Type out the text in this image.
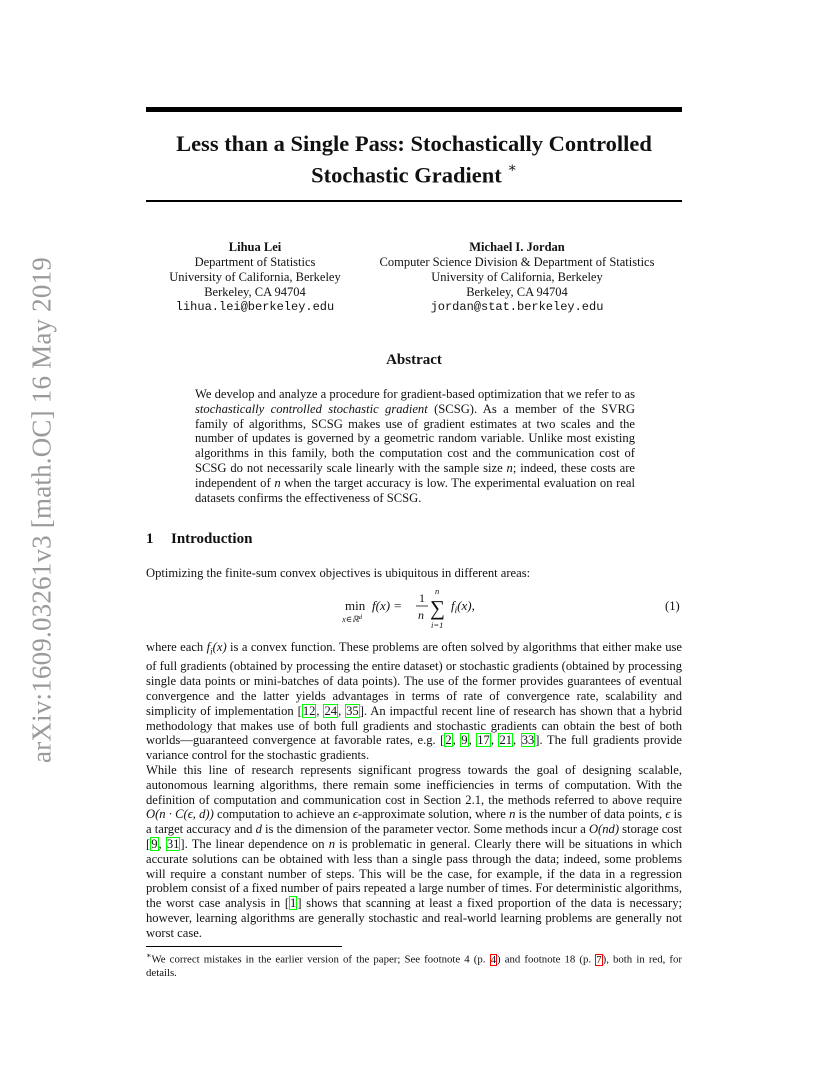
arXiv:1609.03261v3 [math.OC] 16 May 2019
Less than a Single Pass: Stochastically Controlled
Stochastic Gradient ∗
Lihua Lei
Department of Statistics
University of California, Berkeley
Berkeley, CA 94704
lihua.lei@berkeley.edu
Michael I. Jordan
Computer Science Division & Department of Statistics
University of California, Berkeley
Berkeley, CA 94704
jordan@stat.berkeley.edu
Abstract
We develop and analyze a procedure for gradient-based optimization that we refer to as stochastically controlled stochastic gradient (SCSG). As a member of the SVRG family of algorithms, SCSG makes use of gradient estimates at two scales and the number of updates is governed by a geometric random variable. Unlike most existing algorithms in this family, both the computation cost and the communication cost of SCSG do not necessarily scale linearly with the sample size n; indeed, these costs are independent of n when the target accuracy is low. The experimental evaluation on real datasets confirms the effectiveness of SCSG.
1 Introduction
Optimizing the finite-sum convex objectives is ubiquitous in different areas:
min
x∈ℝ$^d$
f(x) = 1
n
n
∑
i=1
$f_i(x)$,	(1)
where each $f_i(x)$ is a convex function. These problems are often solved by algorithms that either make use of full gradients (obtained by processing the entire dataset) or stochastic gradients (obtained by processing single data points or mini-batches of data points). The use of the former provides guarantees of eventual convergence and the latter yields advantages in terms of rate of convergence rate, scalability and simplicity of implementation [12, 24, 35]. An impactful recent line of research has shown that a hybrid methodology that makes use of both full gradients and stochastic gradients can obtain the best of both worlds—guaranteed convergence at favorable rates, e.g. [2, 9, 17, 21, 33]. The full gradients provide variance control for the stochastic gradients.
While this line of research represents significant progress towards the goal of designing scalable, autonomous learning algorithms, there remain some inefficiencies in terms of computation. With the definition of computation and communication cost in Section 2.1, the methods referred to above require O(n · C(ϵ, d)) computation to achieve an ϵ-approximate solution, where n is the number of data points, ϵ is a target accuracy and d is the dimension of the parameter vector. Some methods incur a O(nd) storage cost [9, 31]. The linear dependence on n is problematic in general. Clearly there will be situations in which accurate solutions can be obtained with less than a single pass through the data; indeed, some problems will require a constant number of steps. This will be the case, for example, if the data in a regression problem consist of a fixed number of pairs repeated a large number of times. For deterministic algorithms, the worst case analysis in [1] shows that scanning at least a fixed proportion of the data is necessary; however, learning algorithms are generally stochastic and real-world learning problems are generally not worst case.
∗We correct mistakes in the earlier version of the paper; See footnote 4 (p. 4) and footnote 18 (p. 7), both in red, for details.
